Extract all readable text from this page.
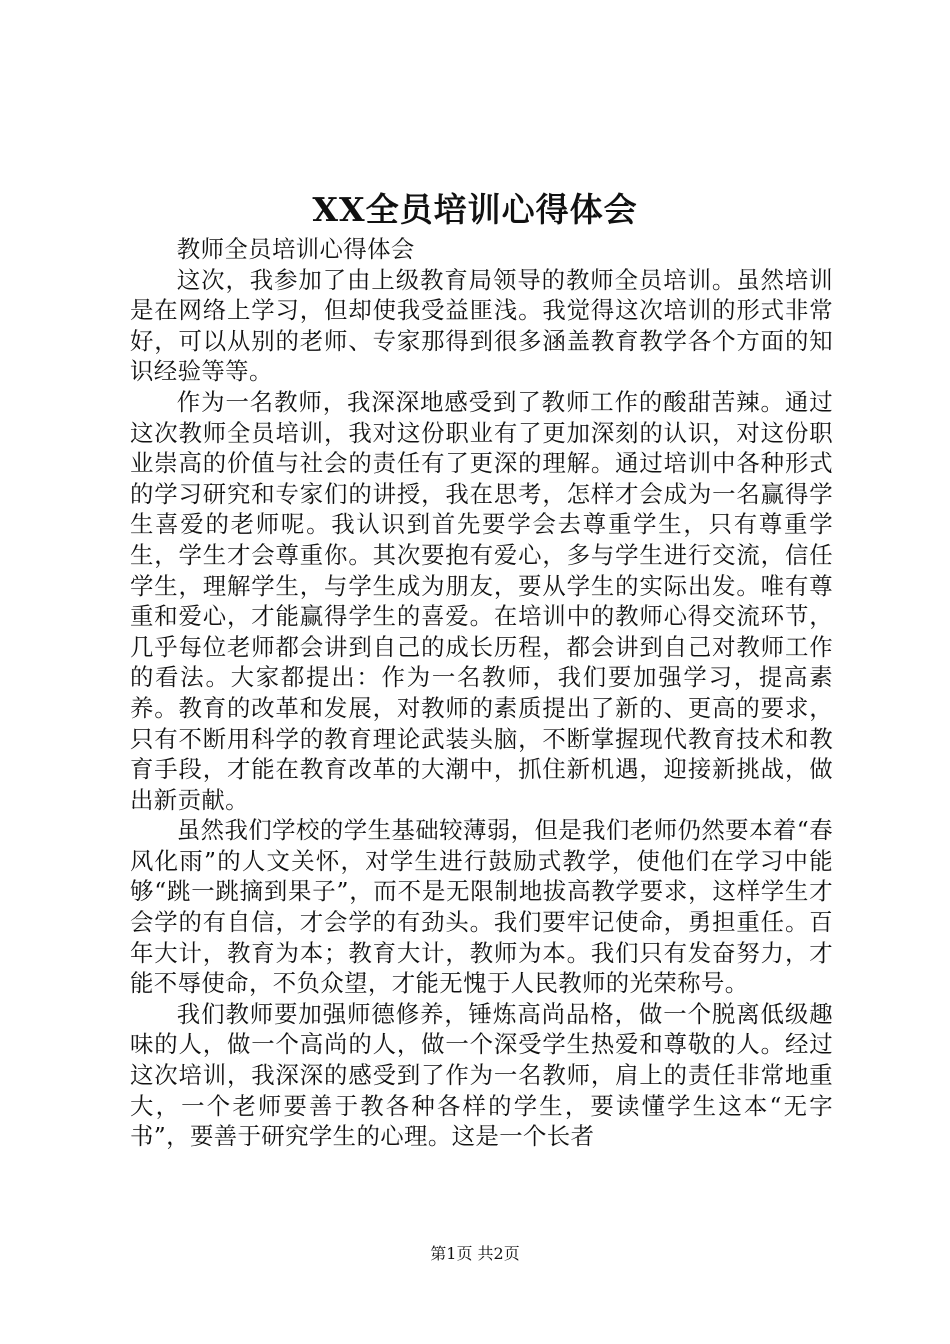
XX全员培训心得体会

教师全员培训心得体会

这次，我参加了由上级教育局领导的教师全员培训。虽然培训是在网络上学习，但却使我受益匪浅。我觉得这次培训的形式非常好，可以从别的老师、专家那得到很多涵盖教育教学各个方面的知识经验等等。

作为一名教师，我深深地感受到了教师工作的酸甜苦辣。通过这次教师全员培训，我对这份职业有了更加深刻的认识，对这份职业崇高的价值与社会的责任有了更深的理解。通过培训中各种形式的学习研究和专家们的讲授，我在思考，怎样才会成为一名赢得学生喜爱的老师呢。我认识到首先要学会去尊重学生，只有尊重学生，学生才会尊重你。其次要抱有爱心，多与学生进行交流，信任学生，理解学生，与学生成为朋友，要从学生的实际出发。唯有尊重和爱心，才能赢得学生的喜爱。在培训中的教师心得交流环节，几乎每位老师都会讲到自己的成长历程，都会讲到自己对教师工作的看法。大家都提出：作为一名教师，我们要加强学习，提高素养。教育的改革和发展，对教师的素质提出了新的、更高的要求，只有不断用科学的教育理论武装头脑，不断掌握现代教育技术和教育手段，才能在教育改革的大潮中，抓住新机遇，迎接新挑战，做出新贡献。

虽然我们学校的学生基础较薄弱，但是我们老师仍然要本着“春风化雨”的人文关怀，对学生进行鼓励式教学，使他们在学习中能够“跳一跳摘到果子”，而不是无限制地拔高教学要求，这样学生才会学的有自信，才会学的有劲头。我们要牢记使命，勇担重任。百年大计，教育为本；教育大计，教师为本。我们只有发奋努力，才能不辱使命，不负众望，才能无愧于人民教师的光荣称号。

我们教师要加强师德修养，锤炼高尚品格，做一个脱离低级趣味的人，做一个高尚的人，做一个深受学生热爱和尊敬的人。经过这次培训，我深深的感受到了作为一名教师，肩上的责任非常地重大，一个老师要善于教各种各样的学生，要读懂学生这本“无字书”，要善于研究学生的心理。这是一个长者

第1页 共2页
